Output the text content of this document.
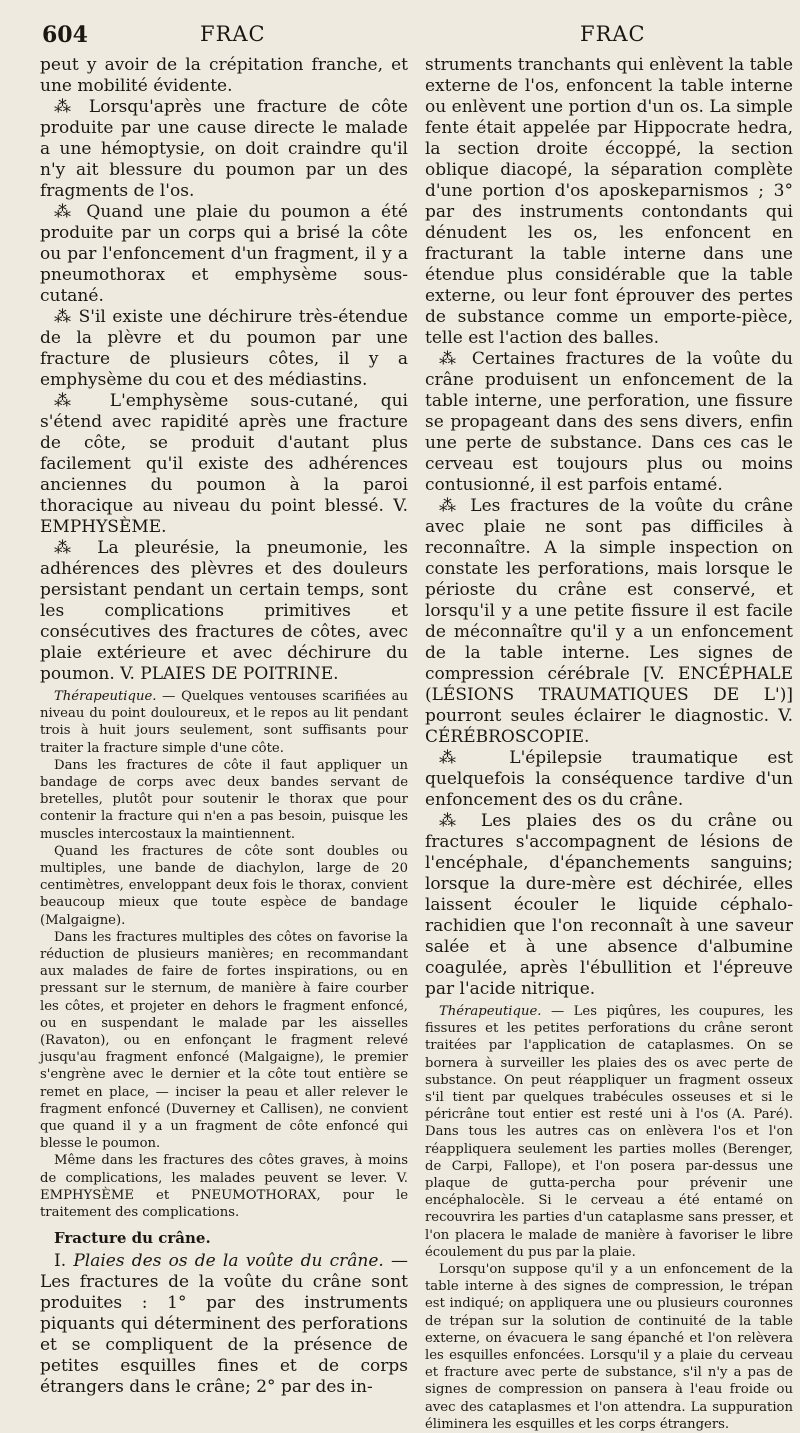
604	FRAC	FRAC

peut y avoir de la crépitation franche, et une mobilité évidente.

⁂ Lorsqu'après une fracture de côte produite par une cause directe le malade a une hémoptysie, on doit craindre qu'il n'y ait blessure du poumon par un des fragments de l'os.

⁂ Quand une plaie du poumon a été produite par un corps qui a brisé la côte ou par l'enfoncement d'un fragment, il y a pneumothorax et emphysème sous-cutané.

⁂ S'il existe une déchirure très-étendue de la plèvre et du poumon par une fracture de plusieurs côtes, il y a emphysème du cou et des médiastins.

⁂ L'emphysème sous-cutané, qui s'étend avec rapidité après une fracture de côte, se produit d'autant plus facilement qu'il existe des adhérences anciennes du poumon à la paroi thoracique au niveau du point blessé. V. EMPHYSÈME.

⁂ La pleurésie, la pneumonie, les adhérences des plèvres et des douleurs persistant pendant un certain temps, sont les complications primitives et consécutives des fractures de côtes, avec plaie extérieure et avec déchirure du poumon. V. PLAIES DE POITRINE.

Thérapeutique. — Quelques ventouses scarifiées au niveau du point douloureux, et le repos au lit pendant trois à huit jours seulement, sont suffisants pour traiter la fracture simple d'une côte.

Dans les fractures de côte il faut appliquer un bandage de corps avec deux bandes servant de bretelles, plutôt pour soutenir le thorax que pour contenir la fracture qui n'en a pas besoin, puisque les muscles intercostaux la maintiennent.

Quand les fractures de côte sont doubles ou multiples, une bande de diachylon, large de 20 centimètres, enveloppant deux fois le thorax, convient beaucoup mieux que toute espèce de bandage (Malgaigne).

Dans les fractures multiples des côtes on favorise la réduction de plusieurs manières; en recommandant aux malades de faire de fortes inspirations, ou en pressant sur le sternum, de manière à faire courber les côtes, et projeter en dehors le fragment enfoncé, ou en suspendant le malade par les aisselles (Ravaton), ou en enfonçant le fragment relevé jusqu'au fragment enfoncé (Malgaigne), le premier s'engrène avec le dernier et la côte tout entière se remet en place, — inciser la peau et aller relever le fragment enfoncé (Duverney et Callisen), ne convient que quand il y a un fragment de côte enfoncé qui blesse le poumon.

Même dans les fractures des côtes graves, à moins de complications, les malades peuvent se lever. V. EMPHYSÈME et PNEUMOTHORAX, pour le traitement des complications.

Fracture du crâne.

I. Plaies des os de la voûte du crâne. — Les fractures de la voûte du crâne sont produites : 1° par des instruments piquants qui déterminent des perforations et se compliquent de la présence de petites esquilles fines et de corps étrangers dans le crâne; 2° par des in-

struments tranchants qui enlèvent la table externe de l'os, enfoncent la table interne ou enlèvent une portion d'un os. La simple fente était appelée par Hippocrate hedra, la section droite éccoppé, la section oblique diacopé, la séparation complète d'une portion d'os aposkeparnismos ; 3° par des instruments contondants qui dénudent les os, les enfoncent en fracturant la table interne dans une étendue plus considérable que la table externe, ou leur font éprouver des pertes de substance comme un emporte-pièce, telle est l'action des balles.

⁂ Certaines fractures de la voûte du crâne produisent un enfoncement de la table interne, une perforation, une fissure se propageant dans des sens divers, enfin une perte de substance. Dans ces cas le cerveau est toujours plus ou moins contusionné, il est parfois entamé.

⁂ Les fractures de la voûte du crâne avec plaie ne sont pas difficiles à reconnaître. A la simple inspection on constate les perforations, mais lorsque le périoste du crâne est conservé, et lorsqu'il y a une petite fissure il est facile de méconnaître qu'il y a un enfoncement de la table interne. Les signes de compression cérébrale [V. ENCÉPHALE (LÉSIONS TRAUMATIQUES DE L')] pourront seules éclairer le diagnostic. V. CÉRÉBROSCOPIE.

⁂ L'épilepsie traumatique est quelquefois la conséquence tardive d'un enfoncement des os du crâne.

⁂ Les plaies des os du crâne ou fractures s'accompagnent de lésions de l'encéphale, d'épanchements sanguins; lorsque la dure-mère est déchirée, elles laissent écouler le liquide céphalo-rachidien que l'on reconnaît à une saveur salée et à une absence d'albumine coagulée, après l'ébullition et l'épreuve par l'acide nitrique.

Thérapeutique. — Les piqûres, les coupures, les fissures et les petites perforations du crâne seront traitées par l'application de cataplasmes. On se bornera à surveiller les plaies des os avec perte de substance. On peut réappliquer un fragment osseux s'il tient par quelques trabécules osseuses et si le péricrâne tout entier est resté uni à l'os (A. Paré). Dans tous les autres cas on enlèvera l'os et l'on réappliquera seulement les parties molles (Berenger, de Carpi, Fallope), et l'on posera par-dessus une plaque de gutta-percha pour prévenir une encéphalocèle. Si le cerveau a été entamé on recouvrira les parties d'un cataplasme sans presser, et l'on placera le malade de manière à favoriser le libre écoulement du pus par la plaie.

Lorsqu'on suppose qu'il y a un enfoncement de la table interne à des signes de compression, le trépan est indiqué; on appliquera une ou plusieurs couronnes de trépan sur la solution de continuité de la table externe, on évacuera le sang épanché et l'on relèvera les esquilles enfoncées. Lorsqu'il y a plaie du cerveau et fracture avec perte de substance, s'il n'y a pas de signes de compression on pansera à l'eau froide ou avec des cataplasmes et l'on attendra. La suppuration éliminera les esquilles et les corps étrangers.
